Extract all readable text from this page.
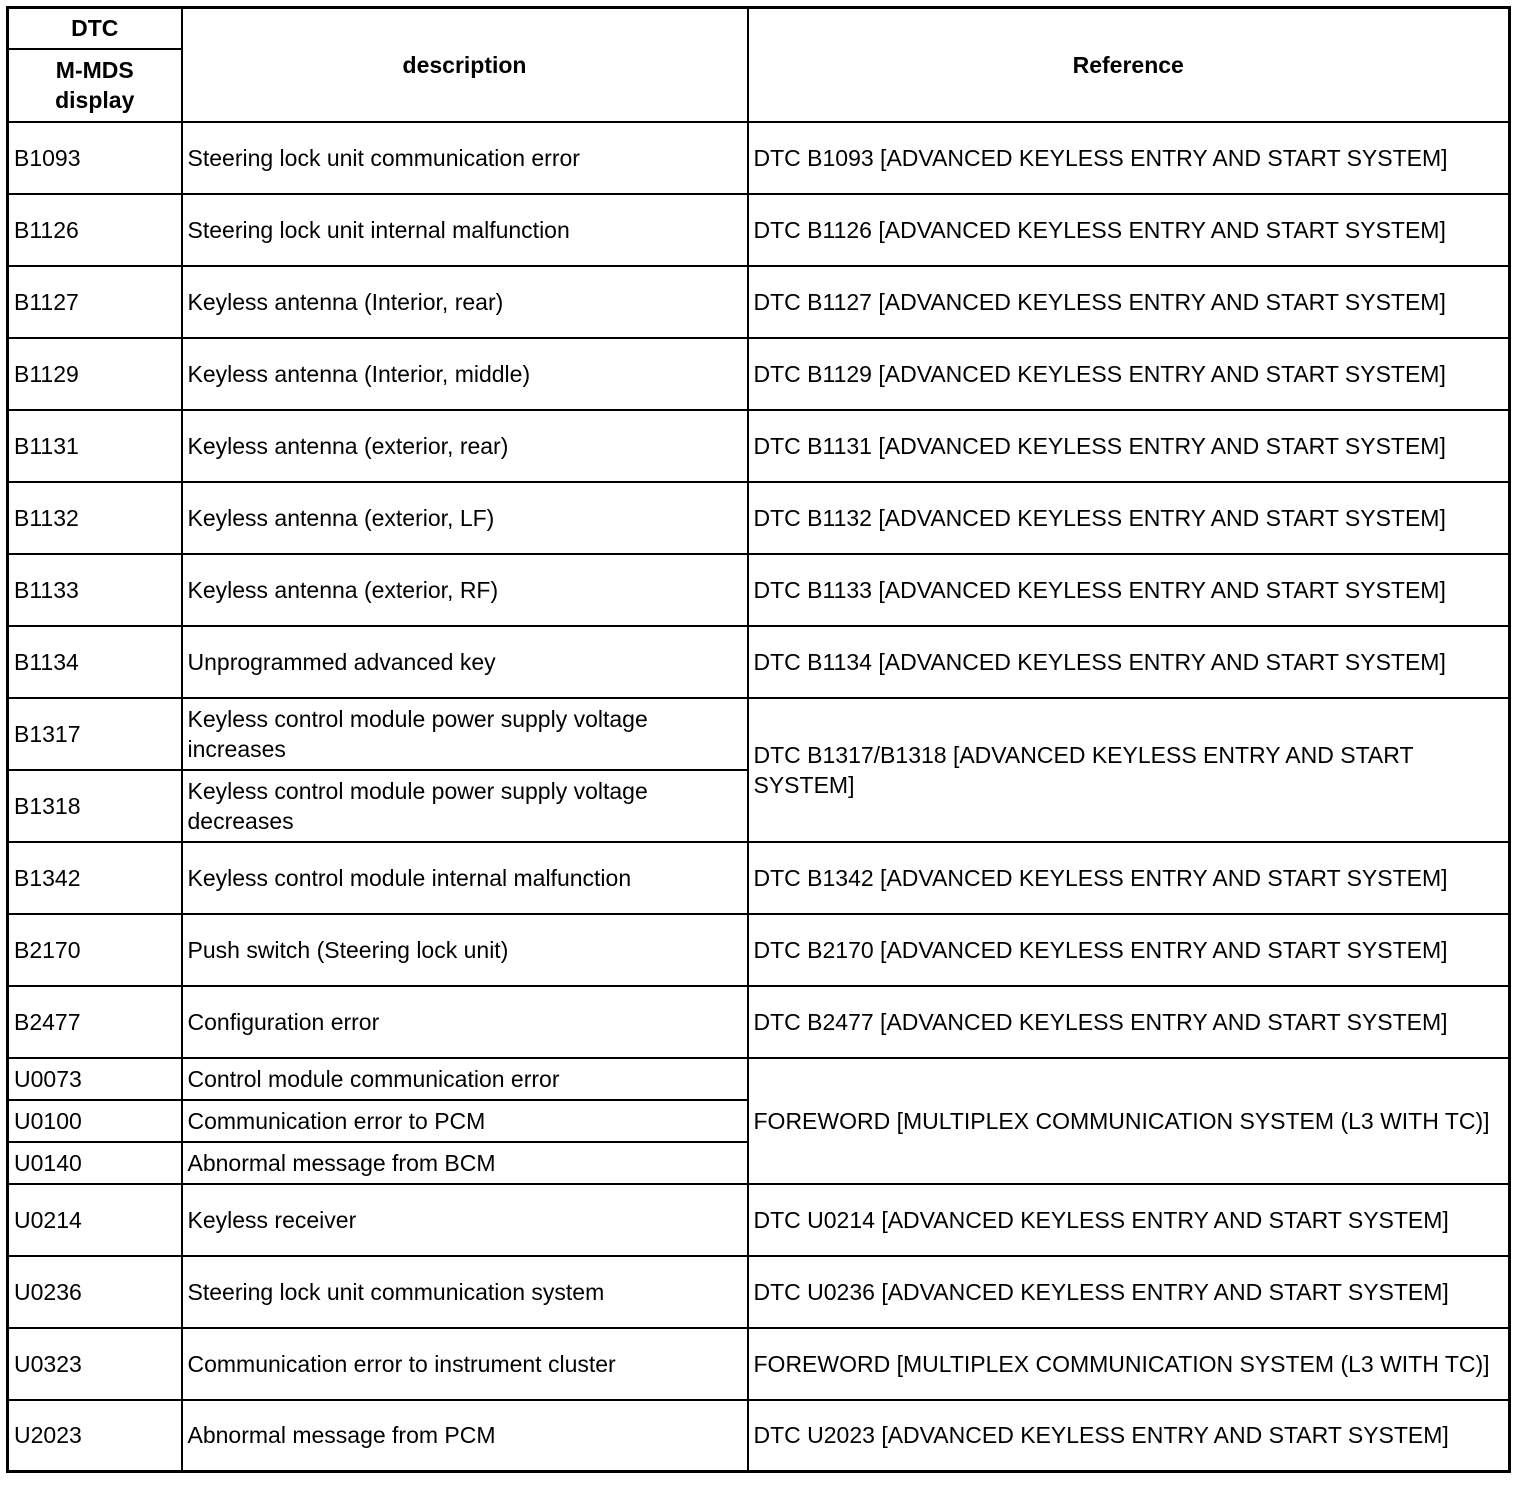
DTC	description	Reference
M-MDS display		
B1093	Steering lock unit communication error	DTC B1093 [ADVANCED KEYLESS ENTRY AND START SYSTEM]
B1126	Steering lock unit internal malfunction	DTC B1126 [ADVANCED KEYLESS ENTRY AND START SYSTEM]
B1127	Keyless antenna (Interior, rear)	DTC B1127 [ADVANCED KEYLESS ENTRY AND START SYSTEM]
B1129	Keyless antenna (Interior, middle)	DTC B1129 [ADVANCED KEYLESS ENTRY AND START SYSTEM]
B1131	Keyless antenna (exterior, rear)	DTC B1131 [ADVANCED KEYLESS ENTRY AND START SYSTEM]
B1132	Keyless antenna (exterior, LF)	DTC B1132 [ADVANCED KEYLESS ENTRY AND START SYSTEM]
B1133	Keyless antenna (exterior, RF)	DTC B1133 [ADVANCED KEYLESS ENTRY AND START SYSTEM]
B1134	Unprogrammed advanced key	DTC B1134 [ADVANCED KEYLESS ENTRY AND START SYSTEM]
B1317	Keyless control module power supply voltage increases	DTC B1317/B1318 [ADVANCED KEYLESS ENTRY AND START SYSTEM]
B1318	Keyless control module power supply voltage decreases	
B1342	Keyless control module internal malfunction	DTC B1342 [ADVANCED KEYLESS ENTRY AND START SYSTEM]
B2170	Push switch (Steering lock unit)	DTC B2170 [ADVANCED KEYLESS ENTRY AND START SYSTEM]
B2477	Configuration error	DTC B2477 [ADVANCED KEYLESS ENTRY AND START SYSTEM]
U0073	Control module communication error	FOREWORD [MULTIPLEX COMMUNICATION SYSTEM (L3 WITH TC)]
U0100	Communication error to PCM	
U0140	Abnormal message from BCM	
U0214	Keyless receiver	DTC U0214 [ADVANCED KEYLESS ENTRY AND START SYSTEM]
U0236	Steering lock unit communication system	DTC U0236 [ADVANCED KEYLESS ENTRY AND START SYSTEM]
U0323	Communication error to instrument cluster	FOREWORD [MULTIPLEX COMMUNICATION SYSTEM (L3 WITH TC)]
U2023	Abnormal message from PCM	DTC U2023 [ADVANCED KEYLESS ENTRY AND START SYSTEM]
